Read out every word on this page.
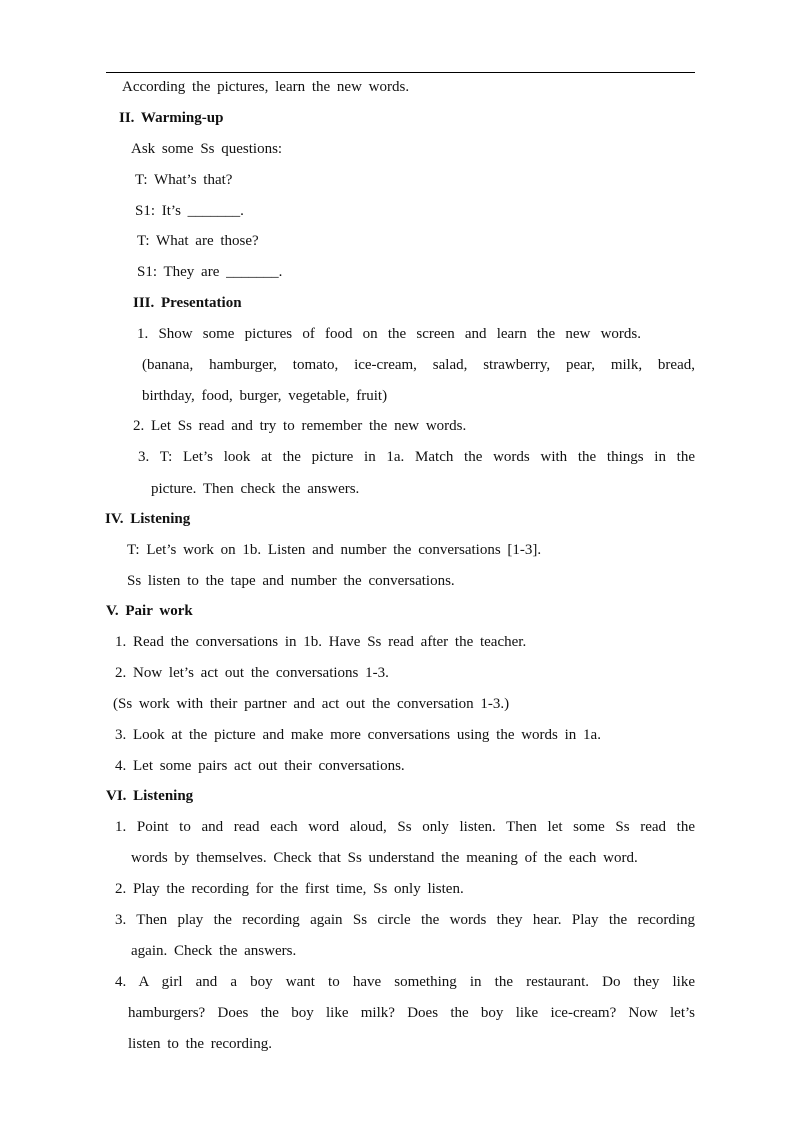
According the pictures, learn the new words.
II. Warming-up
Ask some Ss questions:
T: What’s that?
S1: It’s _______.
T: What are those?
S1: They are _______.
III. Presentation
1. Show some pictures of food on the screen and learn the new words.
(banana, hamburger, tomato, ice-cream, salad, strawberry, pear, milk, bread,
birthday, food, burger, vegetable, fruit)
2. Let Ss read and try to remember the new words.
3. T: Let’s look at the picture in 1a. Match the words with the things in the
picture. Then check the answers.
IV. Listening
T: Let’s work on 1b. Listen and number the conversations [1-3].
Ss listen to the tape and number the conversations.
V. Pair work
1. Read the conversations in 1b. Have Ss read after the teacher.
2. Now let’s act out the conversations 1-3.
(Ss work with their partner and act out the conversation 1-3.)
3. Look at the picture and make more conversations using the words in 1a.
4. Let some pairs act out their conversations.
VI. Listening
1. Point to and read each word aloud, Ss only listen. Then let some Ss read the
words by themselves. Check that Ss understand the meaning of the each word.
2. Play the recording for the first time, Ss only listen.
3. Then play the recording again Ss circle the words they hear. Play the recording
again. Check the answers.
4. A girl and a boy want to have something in the restaurant. Do they like
hamburgers? Does the boy like milk? Does the boy like ice-cream? Now let’s
listen to the recording.
